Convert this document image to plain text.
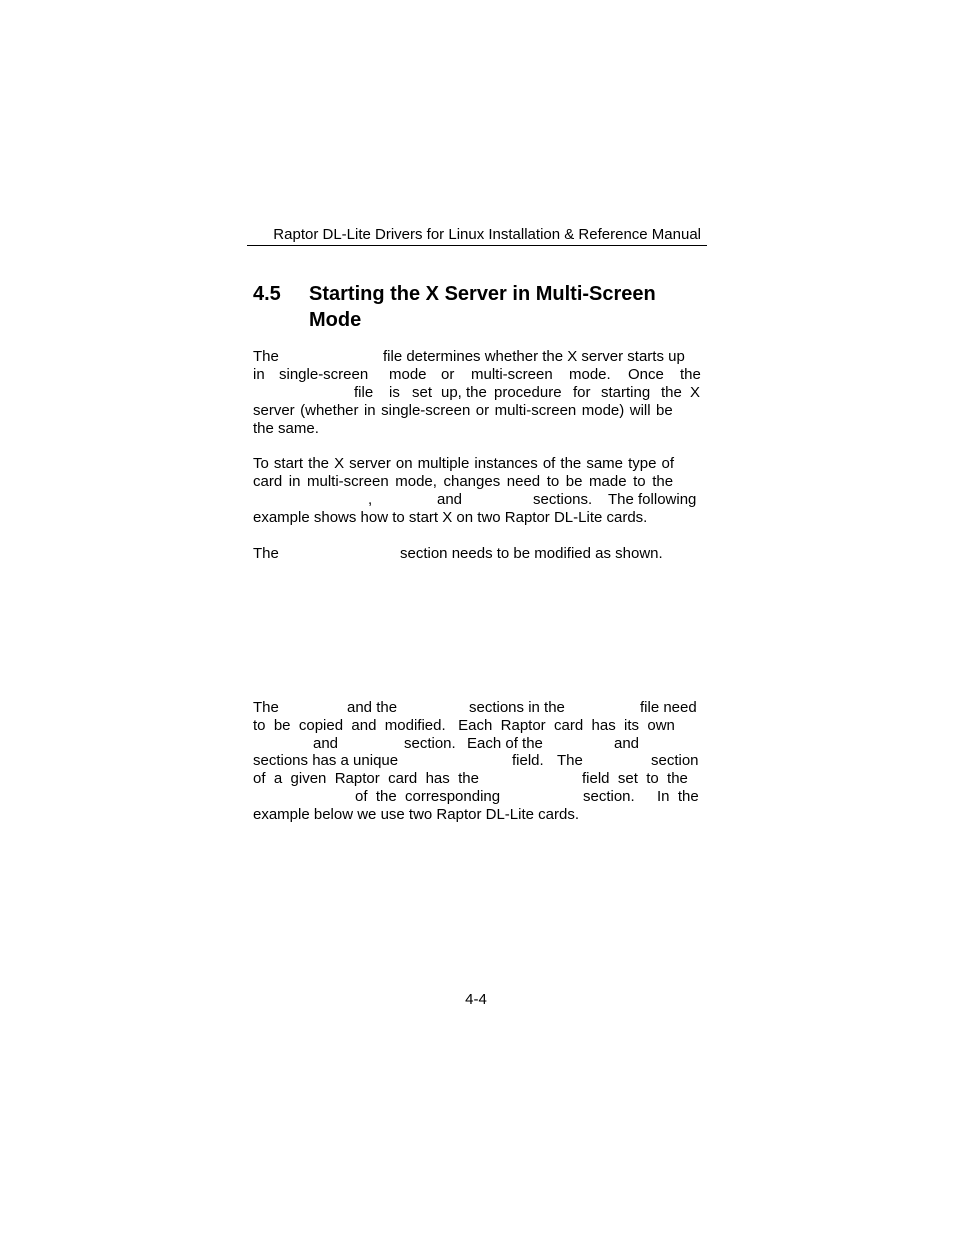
Raptor DL-Lite Drivers for Linux Installation & Reference Manual
4.5 Starting the X Server in Multi-Screen Mode
The	file determines whether the X server starts up
in single-screen mode or multi-screen mode. Once the
file is set up, the procedure for starting the X
server (whether in single-screen or multi-screen mode) will be
the same.
To start the X server on multiple instances of the same type of
card in multi-screen mode, changes need to be made to the
,	and	sections. The following
example shows how to start X on two Raptor DL-Lite cards.
The	section needs to be modified as shown.
The	and the	sections in the	file need
to  be  copied  and  modified.   Each  Raptor  card  has  its  own
and	section. Each of the	and
sections has a unique	field. The	section
of  a  given  Raptor  card  has  the	field  set  to  the
of  the  corresponding	section. In  the
example below we use two Raptor DL-Lite cards.
4-4
